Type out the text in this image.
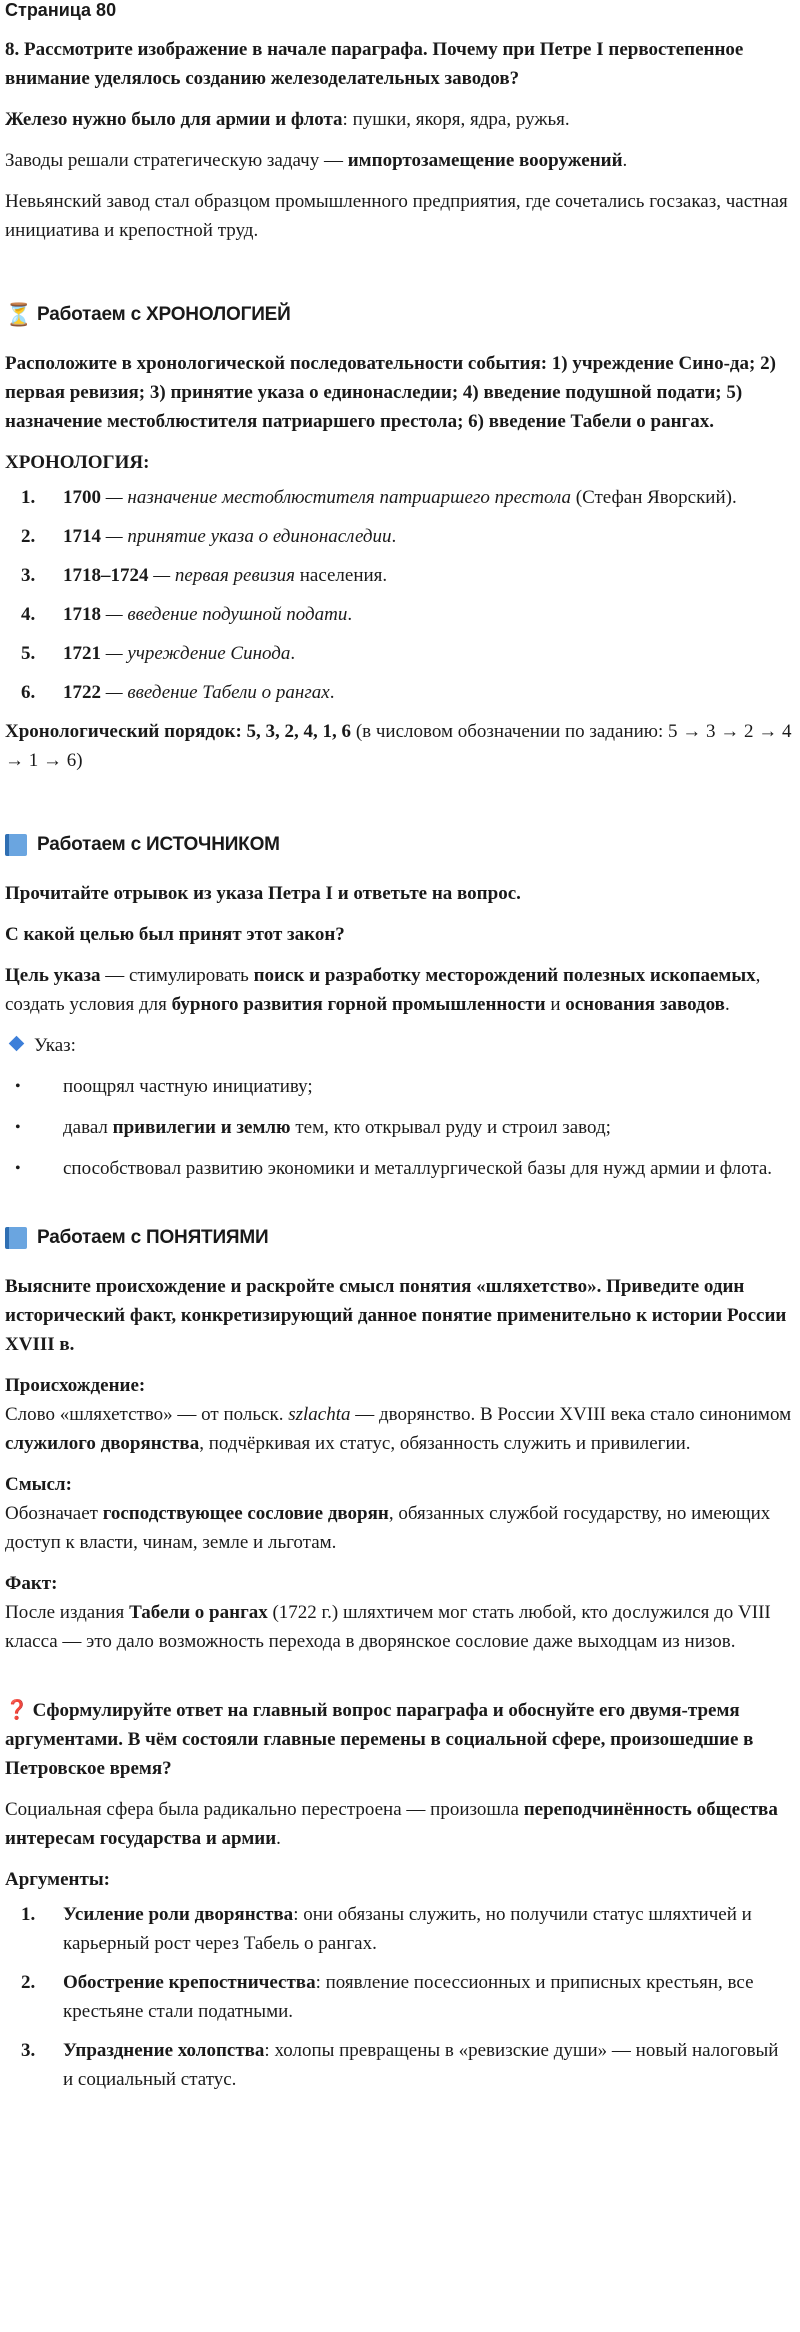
Страница 80

8. Рассмотрите изображение в начале параграфа. Почему при Петре I первостепенное внимание уделялось созданию железоделательных заводов?

Железо нужно было для армии и флота: пушки, якоря, ядра, ружья.

Заводы решали стратегическую задачу — импортозамещение вооружений.

Невьянский завод стал образцом промышленного предприятия, где сочетались госзаказ, частная инициатива и крепостной труд.

⏳ Работаем с ХРОНОЛОГИЕЙ

Расположите в хронологической последовательности события: 1) учреждение Сино-да; 2) первая ревизия; 3) принятие указа о единонаследии; 4) введение подушной подати; 5) назначение местоблюстителя патриаршего престола; 6) введение Табели о рангах.

ХРОНОЛОГИЯ:
1.	1700 — назначение местоблюстителя патриаршего престола (Стефан Яворский).
2.	1714 — принятие указа о единонаследии.
3.	1718–1724 — первая ревизия населения.
4.	1718 — введение подушной подати.
5.	1721 — учреждение Синода.
6.	1722 — введение Табели о рангах.

Хронологический порядок: 5, 3, 2, 4, 1, 6 (в числовом обозначении по заданию: 5 → 3 → 2 → 4 → 1 → 6)

Работаем с ИСТОЧНИКОМ

Прочитайте отрывок из указа Петра I и ответьте на вопрос.

С какой целью был принят этот закон?

Цель указа — стимулировать поиск и разработку месторождений полезных ископаемых, создать условия для бурного развития горной промышленности и основания заводов.

Указ:

•	поощрял частную инициативу;
•	давал привилегии и землю тем, кто открывал руду и строил завод;
•	способствовал развитию экономики и металлургической базы для нужд армии и флота.
Работаем с ПОНЯТИЯМИ

Выясните происхождение и раскройте смысл понятия «шляхетство». Приведите один исторический факт, конкретизирующий данное понятие применительно к истории России XVIII в.

Происхождение:

Слово «шляхетство» — от польск. szlachta — дворянство. В России XVIII века стало синонимом служилого дворянства, подчёркивая их статус, обязанность служить и привилегии.

Смысл:

Обозначает господствующее сословие дворян, обязанных службой государству, но имеющих доступ к власти, чинам, земле и льготам.

Факт:

После издания Табели о рангах (1722 г.) шляхтичем мог стать любой, кто дослужился до VIII класса — это дало возможность перехода в дворянское сословие даже выходцам из низов.

❓ Сформулируйте ответ на главный вопрос параграфа и обоснуйте его двумя-тремя аргументами. В чём состояли главные перемены в социальной сфере, произошедшие в Петровское время?

Социальная сфера была радикально перестроена — произошла переподчинённость общества интересам государства и армии.

Аргументы:

1.	Усиление роли дворянства: они обязаны служить, но получили статус шляхтичей и карьерный рост через Табель о рангах.
2.	Обострение крепостничества: появление посессионных и приписных крестьян, все крестьяне стали податными.
3.	Упразднение холопства: холопы превращены в «ревизские души» — новый налоговый и социальный статус.
